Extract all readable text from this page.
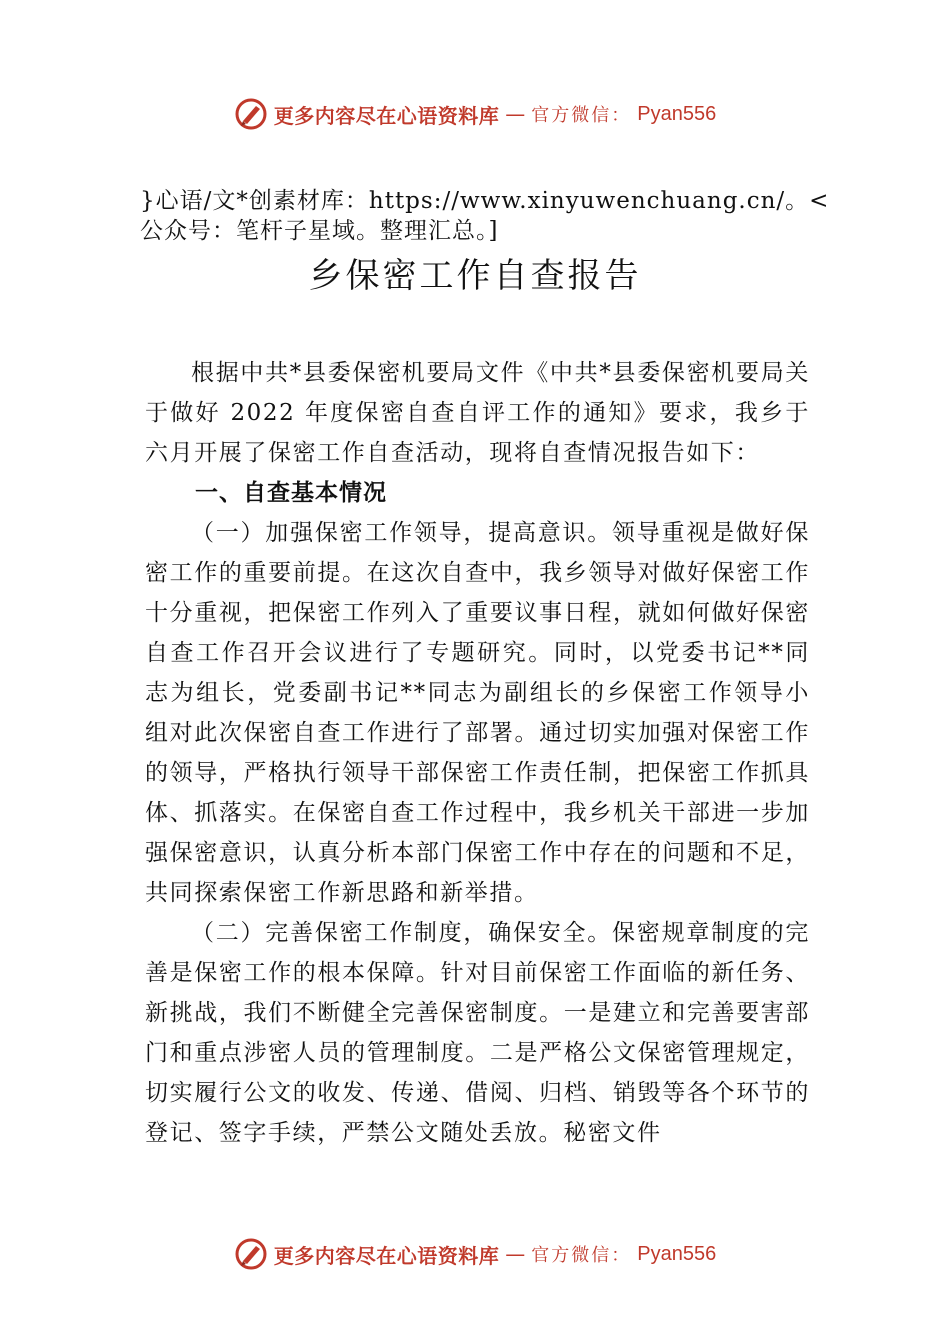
更多内容尽在心语资料库 — 官方微信： Pyan556
}心语/文*创素材库：https://www.xinyuwenchuang.cn/。<公众号：笔杆子星域。整理汇总。]
乡保密工作自查报告

根据中共*县委保密机要局文件《中共*县委保密机要局关于做好 2022 年度保密自查自评工作的通知》要求，我乡于六月开展了保密工作自查活动，现将自查情况报告如下：

一、自查基本情况

（一）加强保密工作领导，提高意识。领导重视是做好保密工作的重要前提。在这次自查中，我乡领导对做好保密工作十分重视，把保密工作列入了重要议事日程，就如何做好保密自查工作召开会议进行了专题研究。同时，以党委书记**同志为组长，党委副书记**同志为副组长的乡保密工作领导小组对此次保密自查工作进行了部署。通过切实加强对保密工作的领导，严格执行领导干部保密工作责任制，把保密工作抓具体、抓落实。在保密自查工作过程中，我乡机关干部进一步加强保密意识，认真分析本部门保密工作中存在的问题和不足，共同探索保密工作新思路和新举措。

（二）完善保密工作制度，确保安全。保密规章制度的完善是保密工作的根本保障。针对目前保密工作面临的新任务、新挑战，我们不断健全完善保密制度。一是建立和完善要害部门和重点涉密人员的管理制度。二是严格公文保密管理规定，切实履行公文的收发、传递、借阅、归档、销毁等各个环节的登记、签字手续，严禁公文随处丢放。秘密文件

更多内容尽在心语资料库 — 官方微信： Pyan556
